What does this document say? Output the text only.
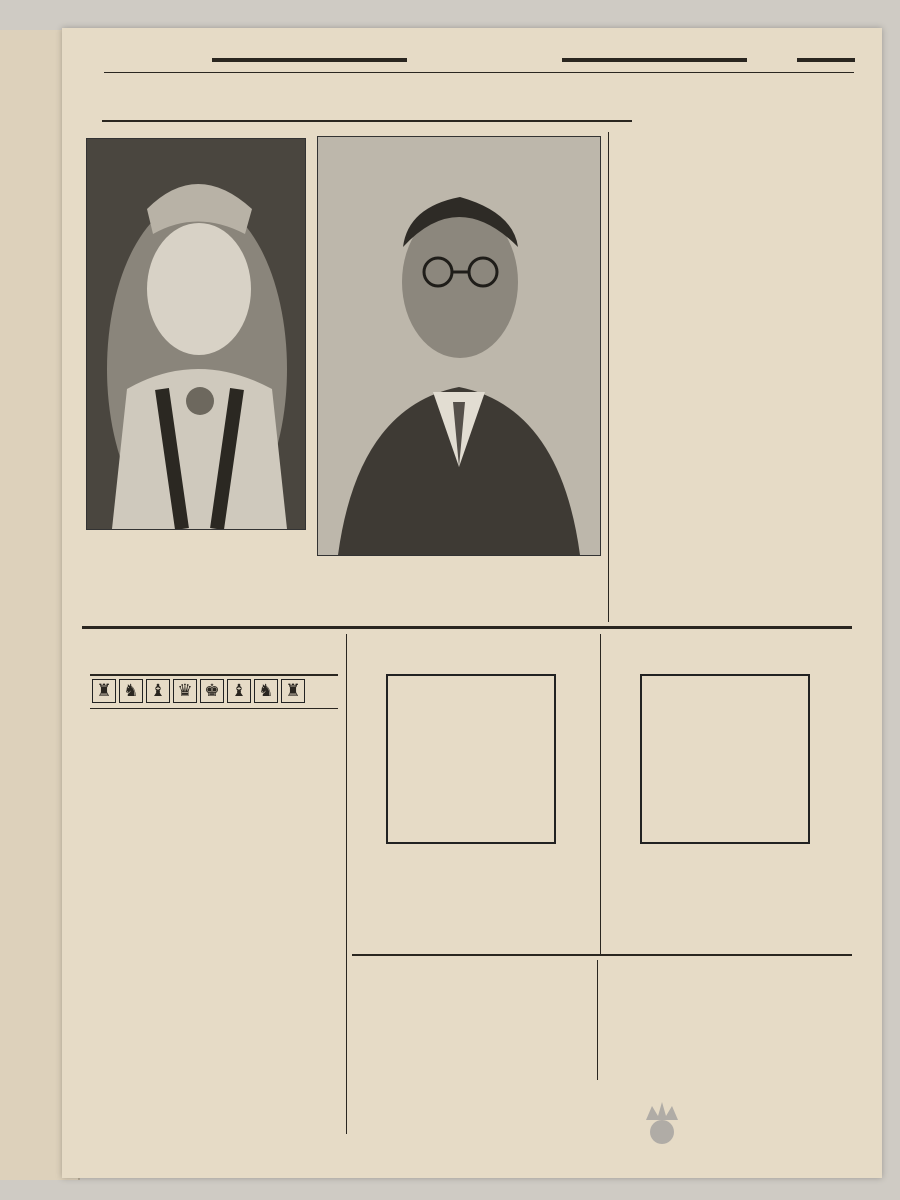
♜ ♞ ♝ ♛ ♚ ♝ ♞ ♜
